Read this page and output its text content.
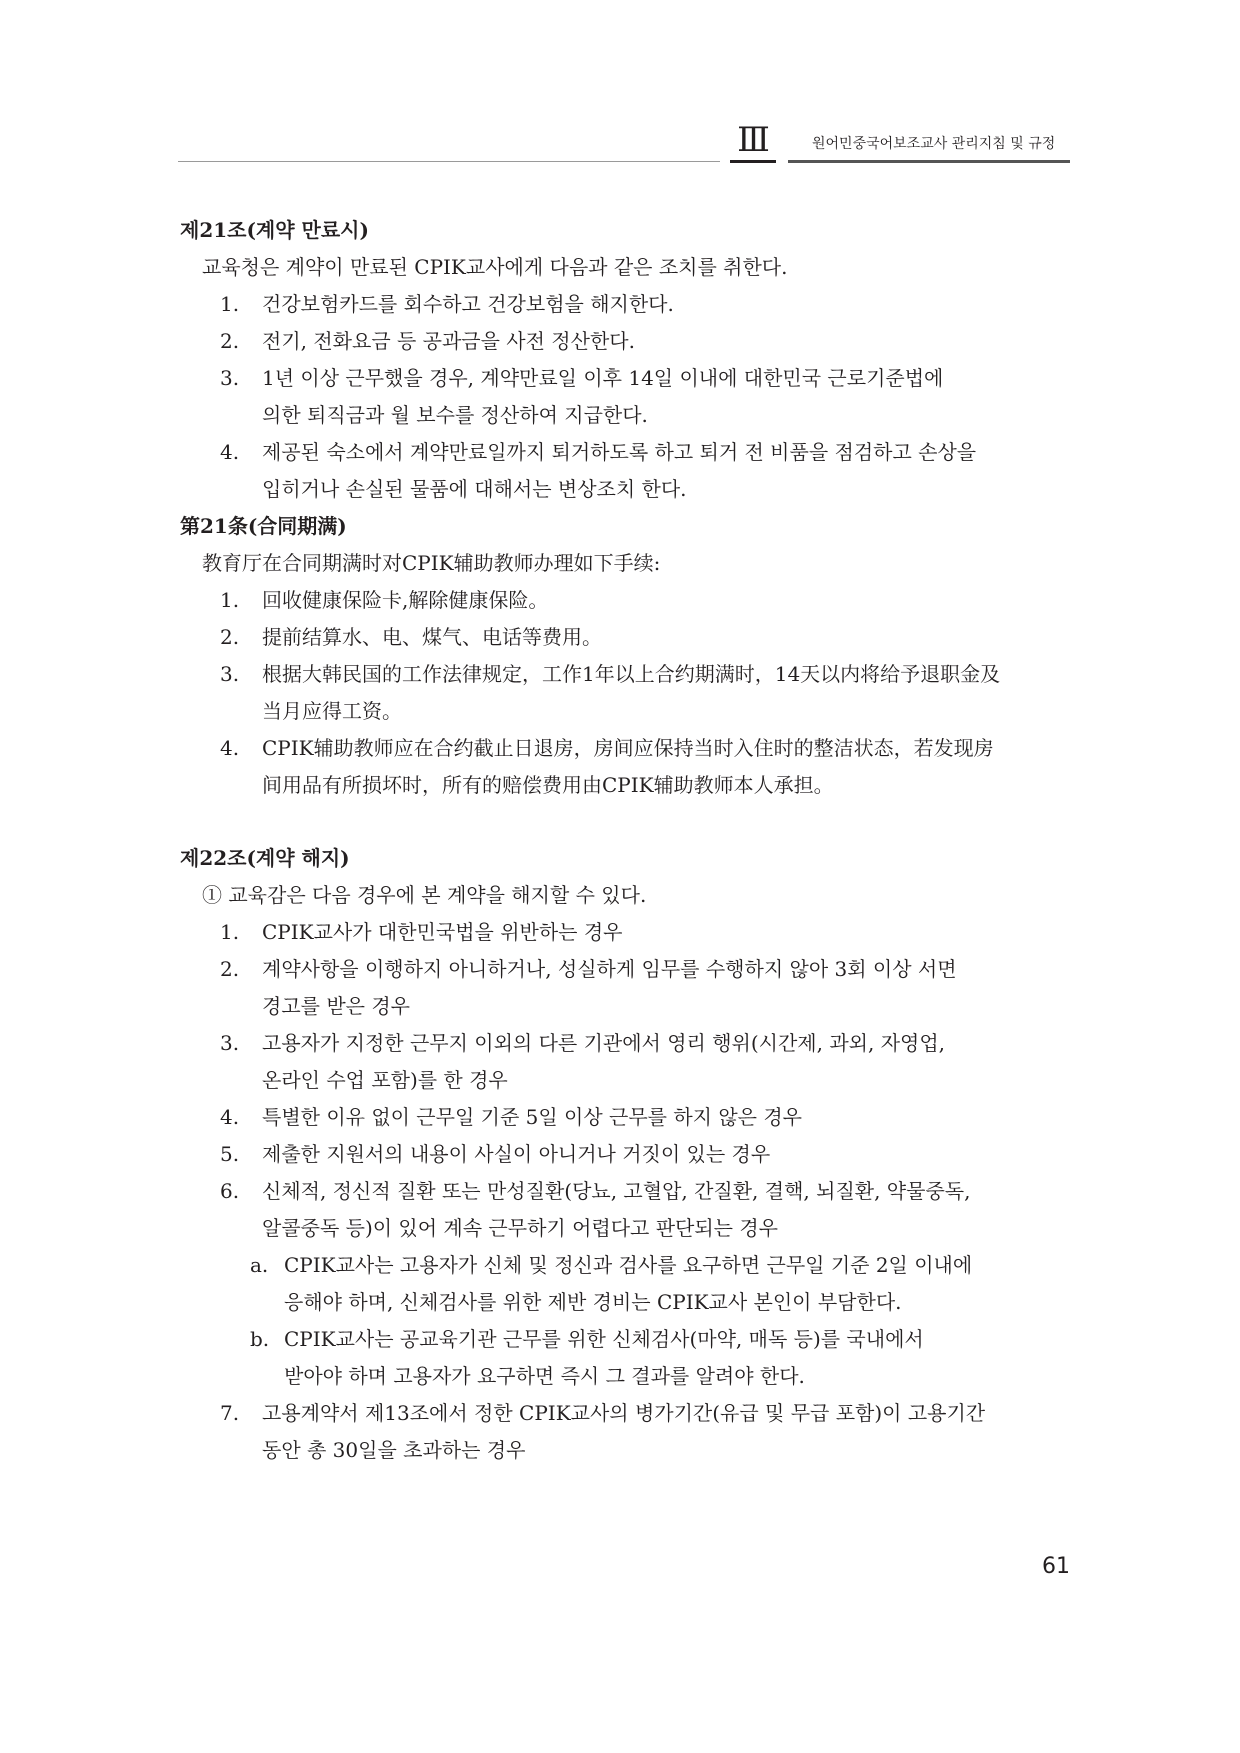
Ⅲ	원어민중국어보조교사 관리지침 및 규정
제21조(계약 만료시)
교육청은 계약이 만료된 CPIK교사에게 다음과 같은 조치를 취한다.
1.	건강보험카드를 회수하고 건강보험을 해지한다.
2.	전기, 전화요금 등 공과금을 사전 정산한다.
3.	1년 이상 근무했을 경우, 계약만료일 이후 14일 이내에 대한민국 근로기준법에
의한 퇴직금과 월 보수를 정산하여 지급한다.
4.	제공된 숙소에서 계약만료일까지 퇴거하도록 하고 퇴거 전 비품을 점검하고 손상을
입히거나 손실된 물품에 대해서는 변상조치 한다.
第21条(合同期满)
教育厅在合同期满时对CPIK辅助教师办理如下手续:
1.	回收健康保险卡,解除健康保险。
2.	提前结算水、电、煤气、电话等费用。
3.	根据大韩民国的工作法律规定，工作1年以上合约期满时，14天以内将给予退职金及
当月应得工资。
4.	CPIK辅助教师应在合约截止日退房，房间应保持当时入住时的整洁状态，若发现房
间用品有所损坏时，所有的赔偿费用由CPIK辅助教师本人承担。
제22조(계약 해지)
① 교육감은 다음 경우에 본 계약을 해지할 수 있다.
1.	CPIK교사가 대한민국법을 위반하는 경우
2.	계약사항을 이행하지 아니하거나, 성실하게 임무를 수행하지 않아 3회 이상 서면
경고를 받은 경우
3.	고용자가 지정한 근무지 이외의 다른 기관에서 영리 행위(시간제, 과외, 자영업,
온라인 수업 포함)를 한 경우
4.	특별한 이유 없이 근무일 기준 5일 이상 근무를 하지 않은 경우
5.	제출한 지원서의 내용이 사실이 아니거나 거짓이 있는 경우
6.	신체적, 정신적 질환 또는 만성질환(당뇨, 고혈압, 간질환, 결핵, 뇌질환, 약물중독,
알콜중독 등)이 있어 계속 근무하기 어렵다고 판단되는 경우
a. CPIK교사는 고용자가 신체 및 정신과 검사를 요구하면 근무일 기준 2일 이내에
응해야 하며, 신체검사를 위한 제반 경비는 CPIK교사 본인이 부담한다.
b. CPIK교사는 공교육기관 근무를 위한 신체검사(마약, 매독 등)를 국내에서
받아야 하며 고용자가 요구하면 즉시 그 결과를 알려야 한다.
7.	고용계약서 제13조에서 정한 CPIK교사의 병가기간(유급 및 무급 포함)이 고용기간
동안 총 30일을 초과하는 경우
61
